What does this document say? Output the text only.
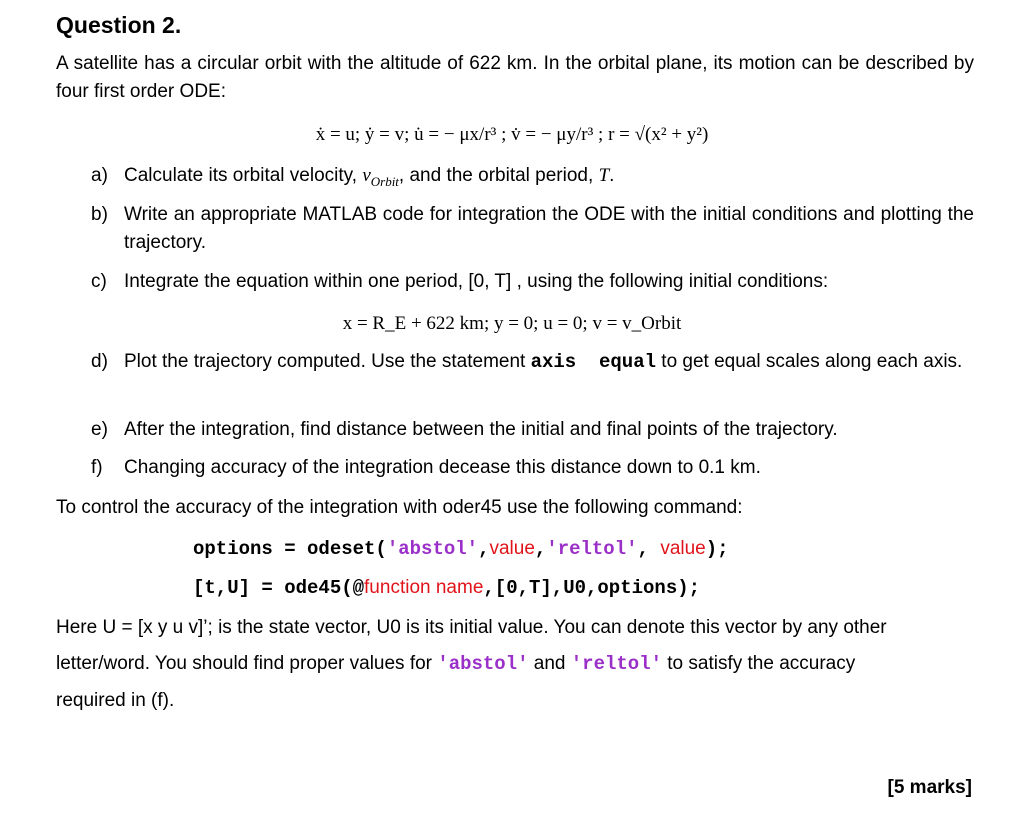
Question 2.
A satellite has a circular orbit with the altitude of 622 km. In the orbital plane, its motion can be described by four first order ODE:
ẋ = u; ẏ = v; u̇ = − μx/r³ ; v̇ = − μy/r³ ; r = √(x² + y²)
a) Calculate its orbital velocity, $v_{Orbit}$, and the orbital period, T.
b) Write an appropriate MATLAB code for integration the ODE with the initial conditions and plotting the trajectory.
c) Integrate the equation within one period, [0, T] , using the following initial conditions:
x = R_E + 622 km; y = 0; u = 0; v = v_Orbit
d) Plot the trajectory computed. Use the statement axis  equal to get equal scales along each axis.
e) After the integration, find distance between the initial and final points of the trajectory.
f) Changing accuracy of the integration decease this distance down to 0.1 km.
To control the accuracy of the integration with oder45 use the following command:
options = odeset('abstol',value,'reltol', value);
[t,U] = ode45(@function name,[0,T],U0,options);
Here U = [x y u v]’; is the state vector, U0 is its initial value. You can denote this vector by any other
letter/word. You should find proper values for 'abstol' and 'reltol' to satisfy the accuracy
required in (f).
[5 marks]
